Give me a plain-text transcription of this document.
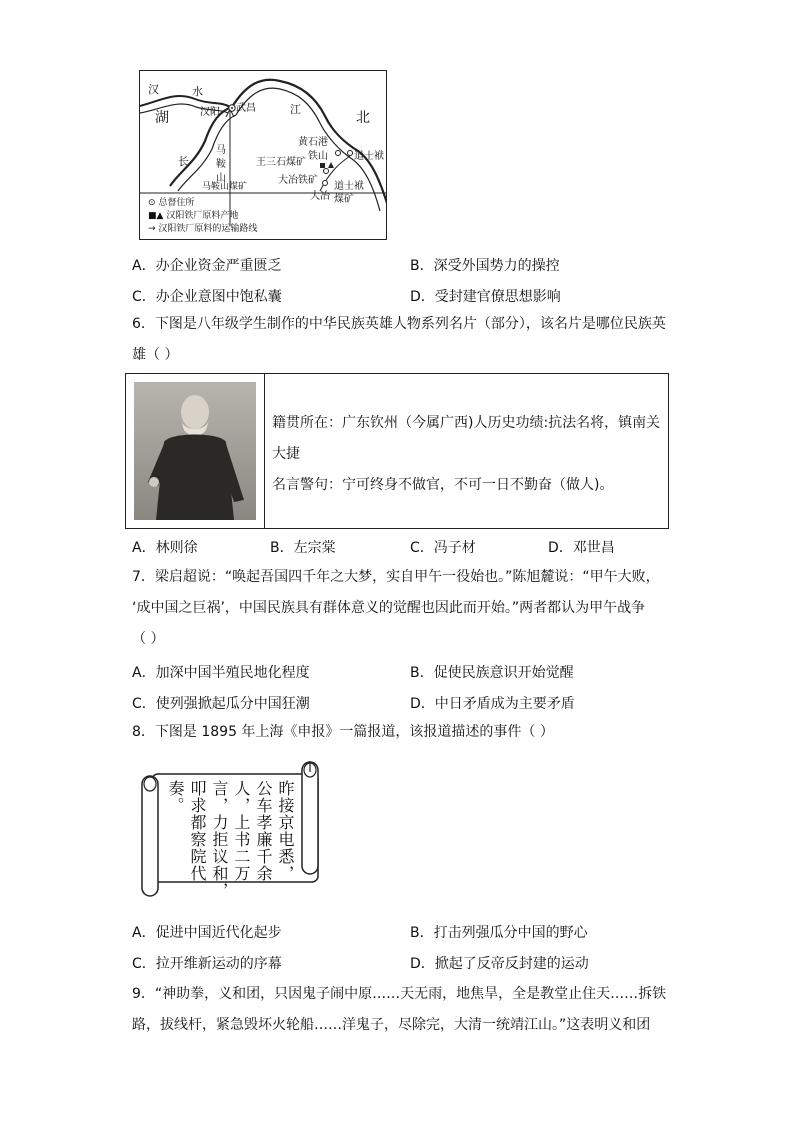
汉	水
湖	北
江
长
汉阳 武昌
马
鞍
山
马鞍山煤矿
黄石港
铁山
王三石煤矿
大冶铁矿
大冶
道士袱
道士袱
煤矿
⊙ 总督住所
■▲ 汉阳铁厂原料产地
→ 汉阳铁厂原料的运输路线
A．办企业资金严重匮乏	B．深受外国势力的操控
C．办企业意图中饱私囊	D．受封建官僚思想影响
6．下图是八年级学生制作的中华民族英雄人物系列名片（部分），该名片是哪位民族英
雄（ ）
籍贯所在：广东钦州（今属广西)人历史功绩:抗法名将，镇南关
大捷
名言警句：宁可终身不做官，不可一日不勤奋（做人)。
A．林则徐	B．左宗棠	C．冯子材	D．邓世昌
7．梁启超说：“唤起吾国四千年之大梦，实自甲午一役始也。”陈旭麓说：“甲午大败，
‘成中国之巨祸’，中国民族具有群体意义的觉醒也因此而开始。”两者都认为甲午战争
（ ）
A．加深中国半殖民地化程度	B．促使民族意识开始觉醒
C．使列强掀起瓜分中国狂潮	D．中日矛盾成为主要矛盾
8．下图是 1895 年上海《申报》一篇报道，该报道描述的事件（ ）
昨接京电悉，
公车孝廉千余
人，上书二万
言，力拒议和，
叩求都察院代
奏。
A．促进中国近代化起步	B．打击列强瓜分中国的野心
C．拉开维新运动的序幕	D．掀起了反帝反封建的运动
9．“神助拳，义和团，只因鬼子闹中原……天无雨，地焦旱，全是教堂止住天……拆铁
路，拔线杆，紧急毁坏火轮船……洋鬼子，尽除完，大清一统靖江山。”这表明义和团
